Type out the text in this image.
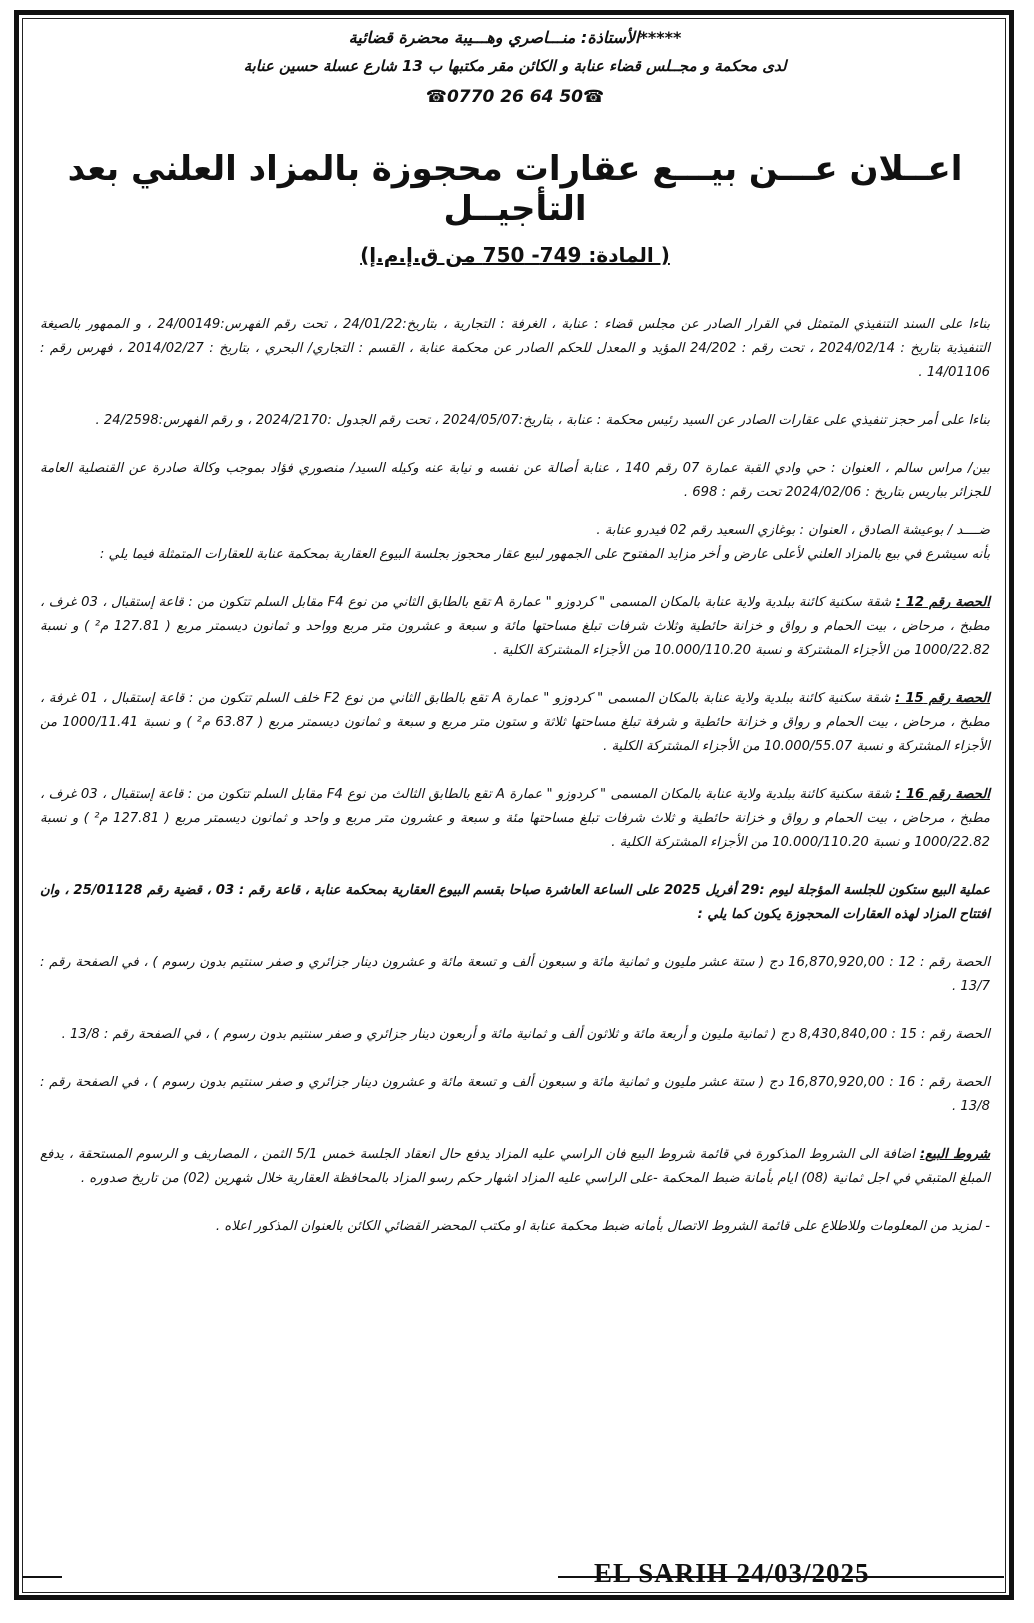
*****الأستاذة: منـــاصري وهـــيبة محضرة قضائية
لدى محكمة و مجــلس قضاء عنابة و الكائن مقر مكتبها ب 13 شارع عسلة حسين عنابة
☎0770 26 64 50☎
اعــلان عـــن بيـــع عقارات محجوزة بالمزاد العلني بعد التأجيــل
( المادة: 749- 750 من ق.إ.م.إ)

بناءا على السند التنفيذي المتمثل في القرار الصادر عن مجلس قضاء : عنابة ، الغرفة : التجارية ، بتاريخ:24/01/22 ، تحت رقم الفهرس:24/00149 ، و الممهور بالصيغة التنفيذية بتاريخ : 2024/02/14 ، تحت رقم : 24/202 المؤيد و المعدل للحكم الصادر عن محكمة عنابة ، القسم : التجاري/ البحري ، بتاريخ : 2014/02/27 ، فهرس رقم : 14/01106 .

بناءا على أمر حجز تنفيذي على عقارات الصادر عن السيد رئيس محكمة : عنابة ، بتاريخ:2024/05/07 ، تحت رقم الجدول :2024/2170 ، و رقم الفهرس:24/2598 .

بين/ مراس سالم ، العنوان : حي وادي القبة عمارة 07 رقم 140 ، عنابة أصالة عن نفسه و نيابة عنه وكيله السيد/ منصوري فؤاد بموجب وكالة صادرة عن القنصلية العامة للجزائر بباريس بتاريخ : 2024/02/06 تحت رقم : 698 .

ضــــد / بوعيشة الصادق ، العنوان : بوغازي السعيد رقم 02 فيدرو عنابة .

بأنه سيشرع في بيع بالمزاد العلني لأعلى عارض و أخر مزايد المفتوح على الجمهور لبيع عقار محجوز بجلسة البيوع العقارية بمحكمة عنابة للعقارات المتمثلة فيما يلي :

الحصة رقم 12 : شقة سكنية كائنة ببلدية ولاية عنابة بالمكان المسمى " كردوزو " عمارة A تقع بالطابق الثاني من نوع F4 مقابل السلم تتكون من : قاعة إستقبال ، 03 غرف ، مطبخ ، مرحاض ، بيت الحمام و رواق و خزانة حائطية وثلاث شرفات تبلغ مساحتها مائة و سبعة و عشرون متر مربع وواحد و ثمانون ديسمتر مربع ( 127.81 م² ) و نسبة 1000/22.82 من الأجزاء المشتركة و نسبة 10.000/110.20 من الأجزاء المشتركة الكلية .

الحصة رقم 15 : شقة سكنية كائنة ببلدية ولاية عنابة بالمكان المسمى " كردوزو " عمارة A تقع بالطابق الثاني من نوع F2 خلف السلم تتكون من : قاعة إستقبال ، 01 غرفة ، مطبخ ، مرحاض ، بيت الحمام و رواق و خزانة حائطية و شرفة تبلغ مساحتها ثلاثة و ستون متر مربع و سبعة و ثمانون ديسمتر مربع ( 63.87 م² ) و نسبة 1000/11.41 من الأجزاء المشتركة و نسبة 10.000/55.07 من الأجزاء المشتركة الكلية .

الحصة رقم 16 : شقة سكنية كائنة ببلدية ولاية عنابة بالمكان المسمى " كردوزو " عمارة A تقع بالطابق الثالث من نوع F4 مقابل السلم تتكون من : قاعة إستقبال ، 03 غرف ، مطبخ ، مرحاض ، بيت الحمام و رواق و خزانة حائطية و ثلاث شرفات تبلغ مساحتها مئة و سبعة و عشرون متر مربع و واحد و ثمانون ديسمتر مربع ( 127.81 م² ) و نسبة 1000/22.82 و نسبة 10.000/110.20 من الأجزاء المشتركة الكلية .

عملية البيع ستكون للجلسة المؤجلة ليوم :29 أفريل 2025 على الساعة العاشرة صباحا بقسم البيوع العقارية بمحكمة عنابة ، قاعة رقم : 03 ، قضية رقم 25/01128 ، وان افتتاح المزاد لهذه العقارات المحجوزة يكون كما يلي :

الحصة رقم : 12 : 16,870,920,00 دج ( ستة عشر مليون و ثمانية مائة و سبعون ألف و تسعة مائة و عشرون دينار جزائري و صفر سنتيم بدون رسوم ) ، في الصفحة رقم : 13/7 .

الحصة رقم : 15 : 8,430,840,00 دج ( ثمانية مليون و أربعة مائة و ثلاثون ألف و ثمانية مائة و أربعون دينار جزائري و صفر سنتيم بدون رسوم ) ، في الصفحة رقم : 13/8 .

الحصة رقم : 16 : 16,870,920,00 دج ( ستة عشر مليون و ثمانية مائة و سبعون ألف و تسعة مائة و عشرون دينار جزائري و صفر سنتيم بدون رسوم ) ، في الصفحة رقم : 13/8 .

شروط البيع: اضافة الى الشروط المذكورة في قائمة شروط البيع فان الراسي عليه المزاد يدفع حال انعقاد الجلسة خمس 5/1 الثمن ، المصاريف و الرسوم المستحقة ، يدفع المبلغ المتبقي في اجل ثمانية (08) ايام بأمانة ضبط المحكمة -على الراسي عليه المزاد اشهار حكم رسو المزاد بالمحافظة العقارية خلال شهرين (02) من تاريخ صدوره .

- لمزيد من المعلومات وللاطلاع على قائمة الشروط الاتصال بأمانه ضبط محكمة عنابة او مكتب المحضر القضائي الكائن بالعنوان المذكور اعلاه .

EL SARIH 24/03/2025
